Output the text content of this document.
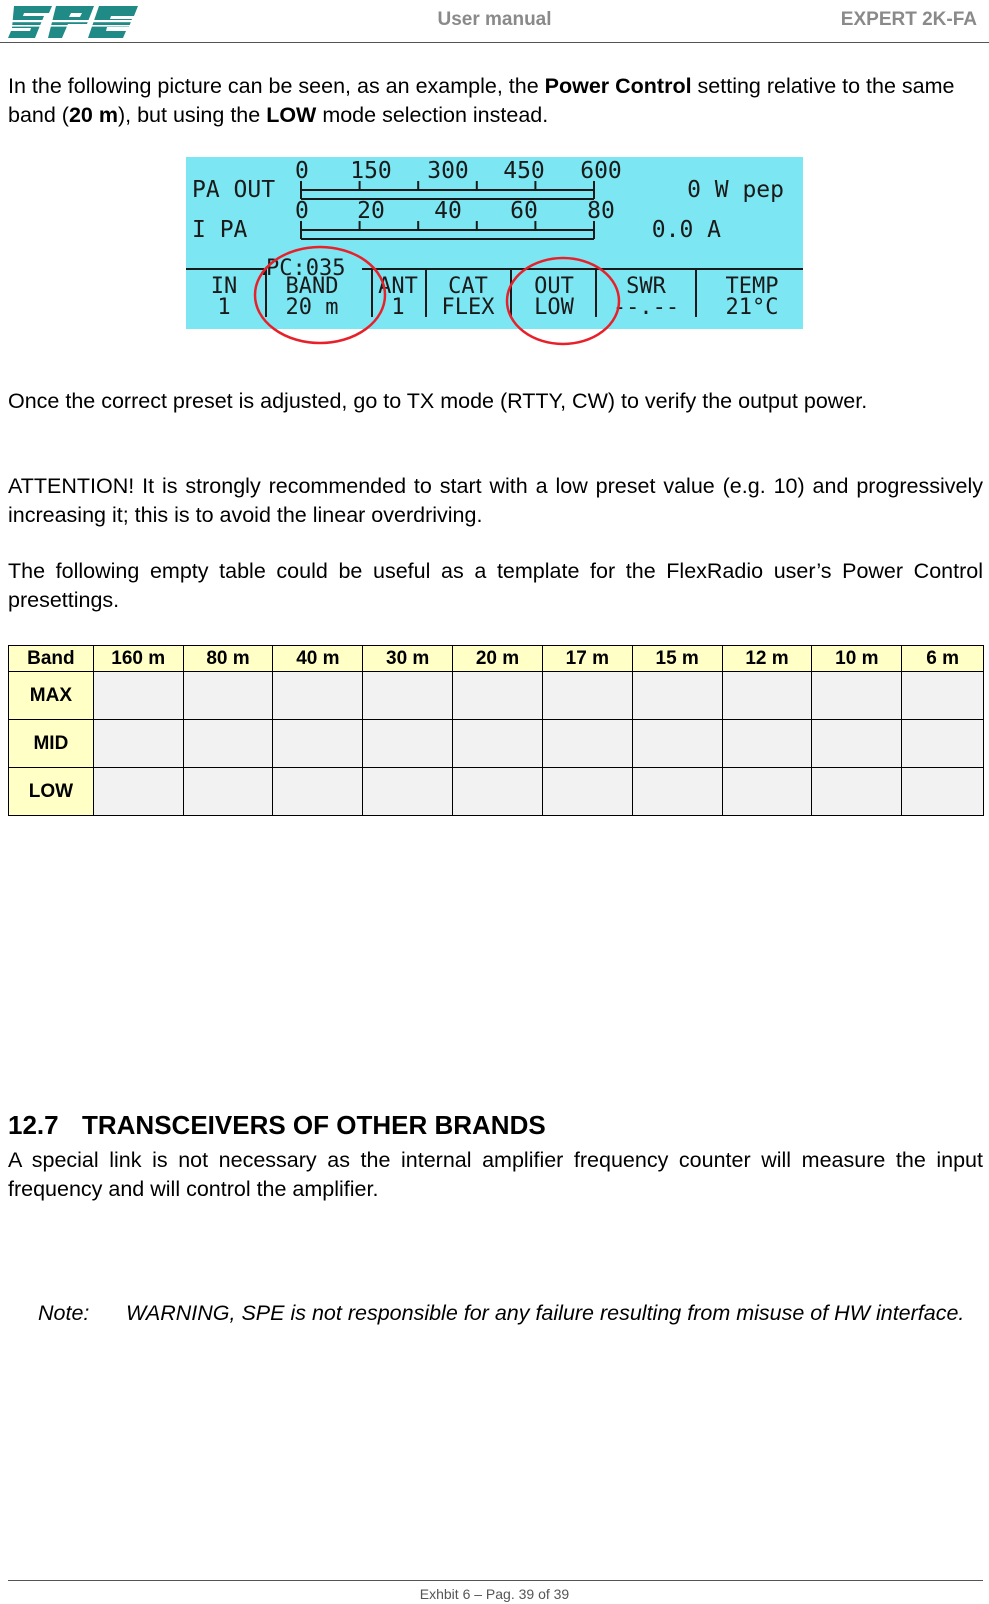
User manual	EXPERT 2K-FA
In the following picture can be seen, as an example, the Power Control setting relative to the same band (20 m), but using the LOW mode selection instead.
PA OUT
0 150 300 450 600
0 W pep
I PA
0 20 40 60 80
0.0 A
PC:035
IN
1
BAND
20 m
ANT
1
CAT
FLEX
OUT
LOW
SWR
--.--
TEMP
21°C
Once the correct preset is adjusted, go to TX mode (RTTY, CW) to verify the output power.
ATTENTION! It is strongly recommended to start with a low preset value (e.g. 10) and progressively increasing it; this is to avoid the linear overdriving.
The following empty table could be useful as a template for the FlexRadio user’s Power Control presettings.
Band	160 m	80 m	40 m	30 m	20 m	17 m	15 m	12 m	10 m	6 m
MAX										
MID										
LOW										
12.7 TRANSCEIVERS OF OTHER BRANDS
A special link is not necessary as the internal amplifier frequency counter will measure the input frequency and will control the amplifier.
Note: WARNING, SPE is not responsible for any failure resulting from misuse of HW interface.
Exhbit 6 – Pag. 39 of 39
